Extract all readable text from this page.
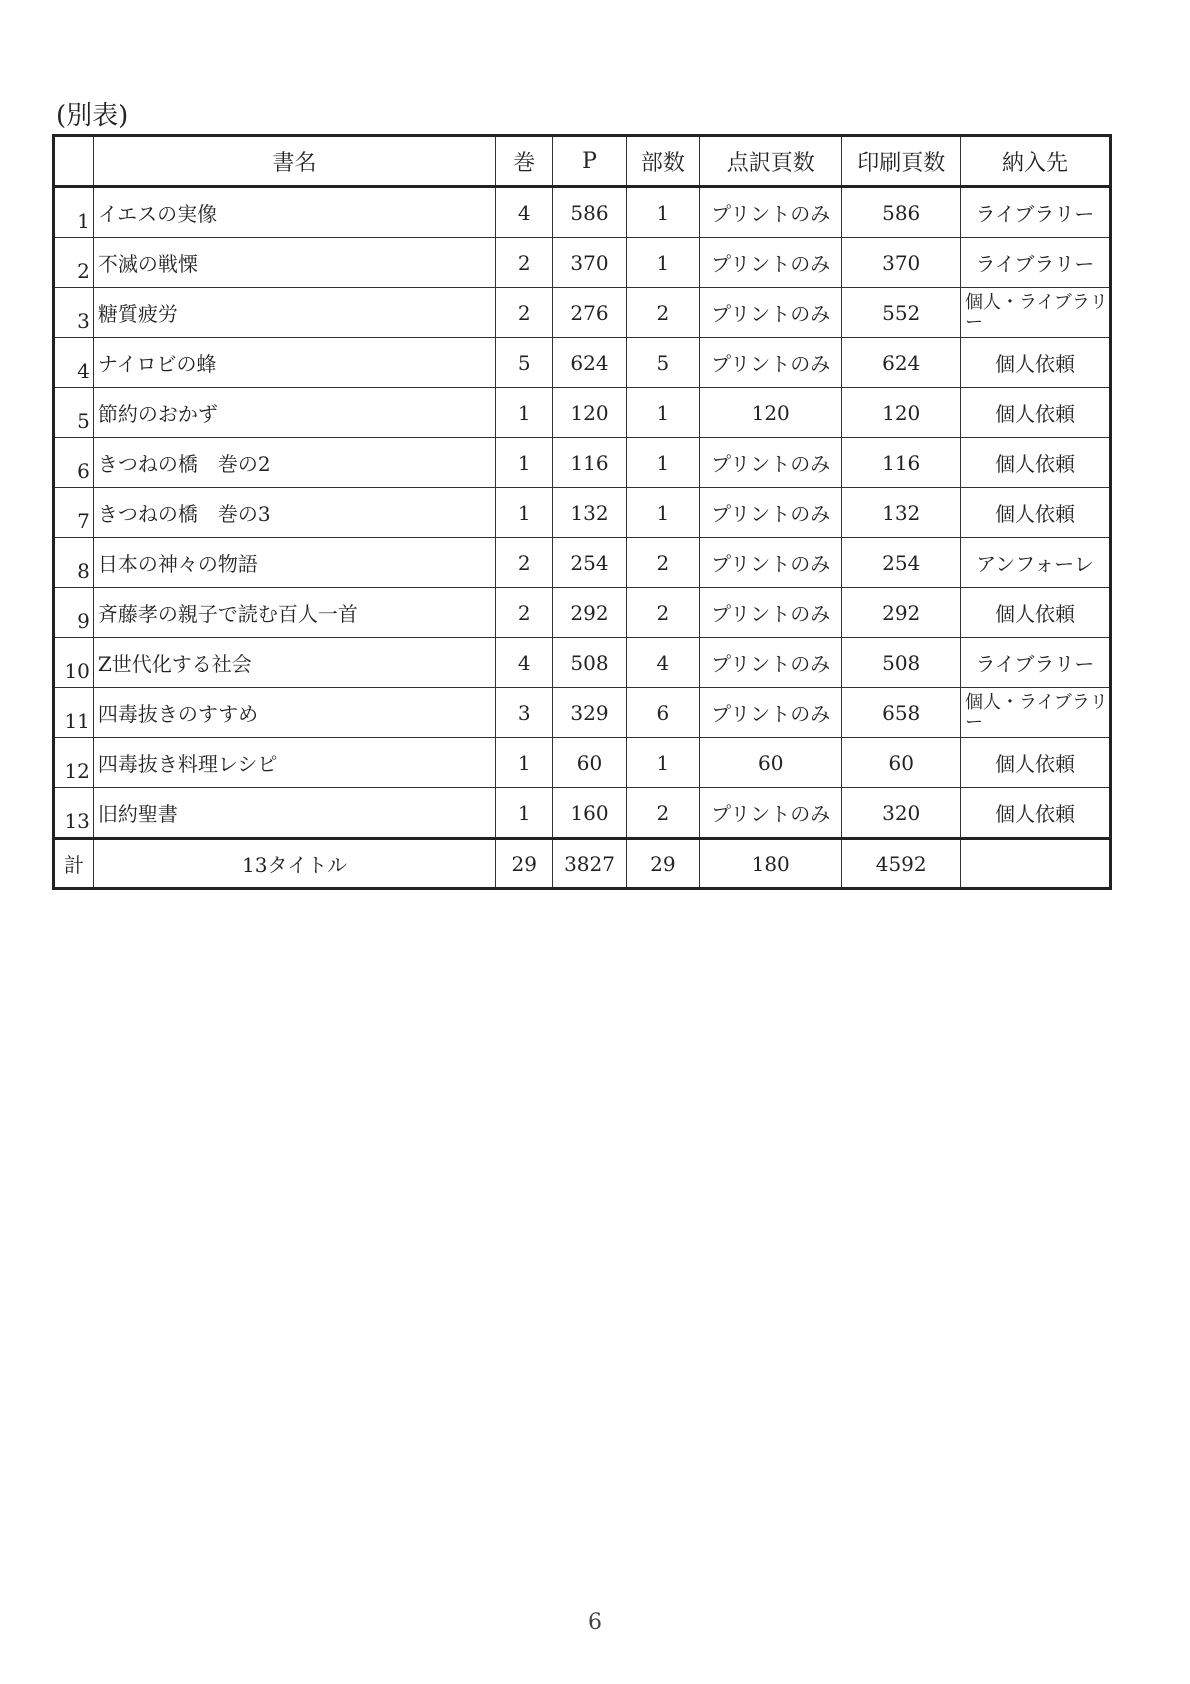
(別表)
	書名	巻	P	部数	点訳頁数	印刷頁数	納入先
1	イエスの実像	4	586	1	プリントのみ	586	ライブラリー
2	不滅の戦慄	2	370	1	プリントのみ	370	ライブラリー
3	糖質疲労	2	276	2	プリントのみ	552	個人・ライブラリー
4	ナイロビの蜂	5	624	5	プリントのみ	624	個人依頼
5	節約のおかず	1	120	1	120	120	個人依頼
6	きつねの橋　巻の2	1	116	1	プリントのみ	116	個人依頼
7	きつねの橋　巻の3	1	132	1	プリントのみ	132	個人依頼
8	日本の神々の物語	2	254	2	プリントのみ	254	アンフォーレ
9	斉藤孝の親子で読む百人一首	2	292	2	プリントのみ	292	個人依頼
10	Z世代化する社会	4	508	4	プリントのみ	508	ライブラリー
11	四毒抜きのすすめ	3	329	6	プリントのみ	658	個人・ライブラリー
12	四毒抜き料理レシピ	1	60	1	60	60	個人依頼
13	旧約聖書	1	160	2	プリントのみ	320	個人依頼
計	13タイトル	29	3827	29	180	4592	
6
